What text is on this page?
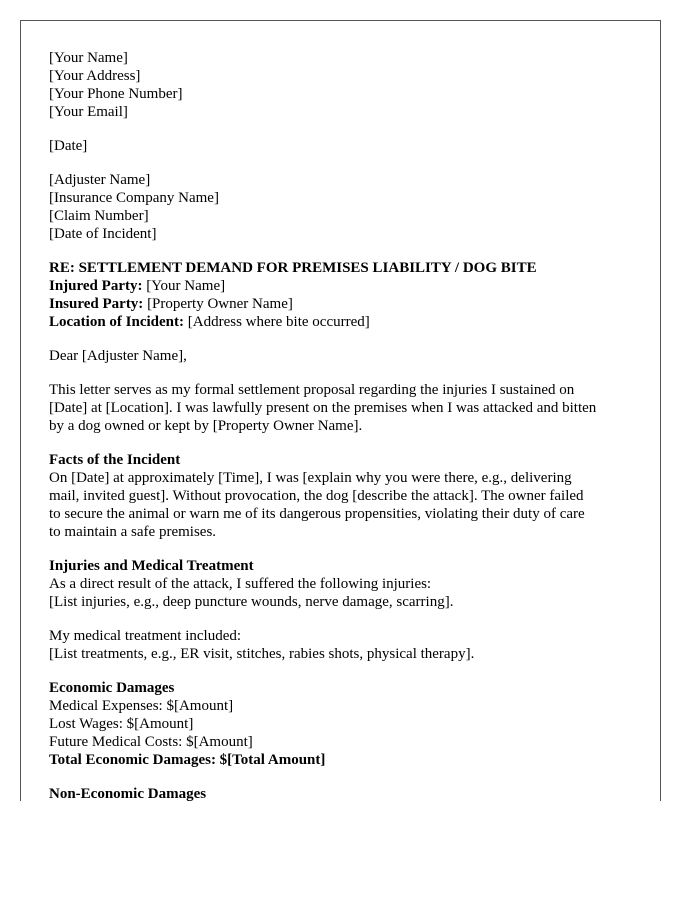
[Your Name]
[Your Address]
[Your Phone Number]
[Your Email]
[Date]
[Adjuster Name]
[Insurance Company Name]
[Claim Number]
[Date of Incident]
RE: SETTLEMENT DEMAND FOR PREMISES LIABILITY / DOG BITE
Injured Party: [Your Name]
Insured Party: [Property Owner Name]
Location of Incident: [Address where bite occurred]
Dear [Adjuster Name],
This letter serves as my formal settlement proposal regarding the injuries I sustained on
[Date] at [Location]. I was lawfully present on the premises when I was attacked and bitten
by a dog owned or kept by [Property Owner Name].
Facts of the Incident
On [Date] at approximately [Time], I was [explain why you were there, e.g., delivering
mail, invited guest]. Without provocation, the dog [describe the attack]. The owner failed
to secure the animal or warn me of its dangerous propensities, violating their duty of care
to maintain a safe premises.
Injuries and Medical Treatment
As a direct result of the attack, I suffered the following injuries:
[List injuries, e.g., deep puncture wounds, nerve damage, scarring].
My medical treatment included:
[List treatments, e.g., ER visit, stitches, rabies shots, physical therapy].
Economic Damages
Medical Expenses: $[Amount]
Lost Wages: $[Amount]
Future Medical Costs: $[Amount]
Total Economic Damages: $[Total Amount]
Non-Economic Damages
